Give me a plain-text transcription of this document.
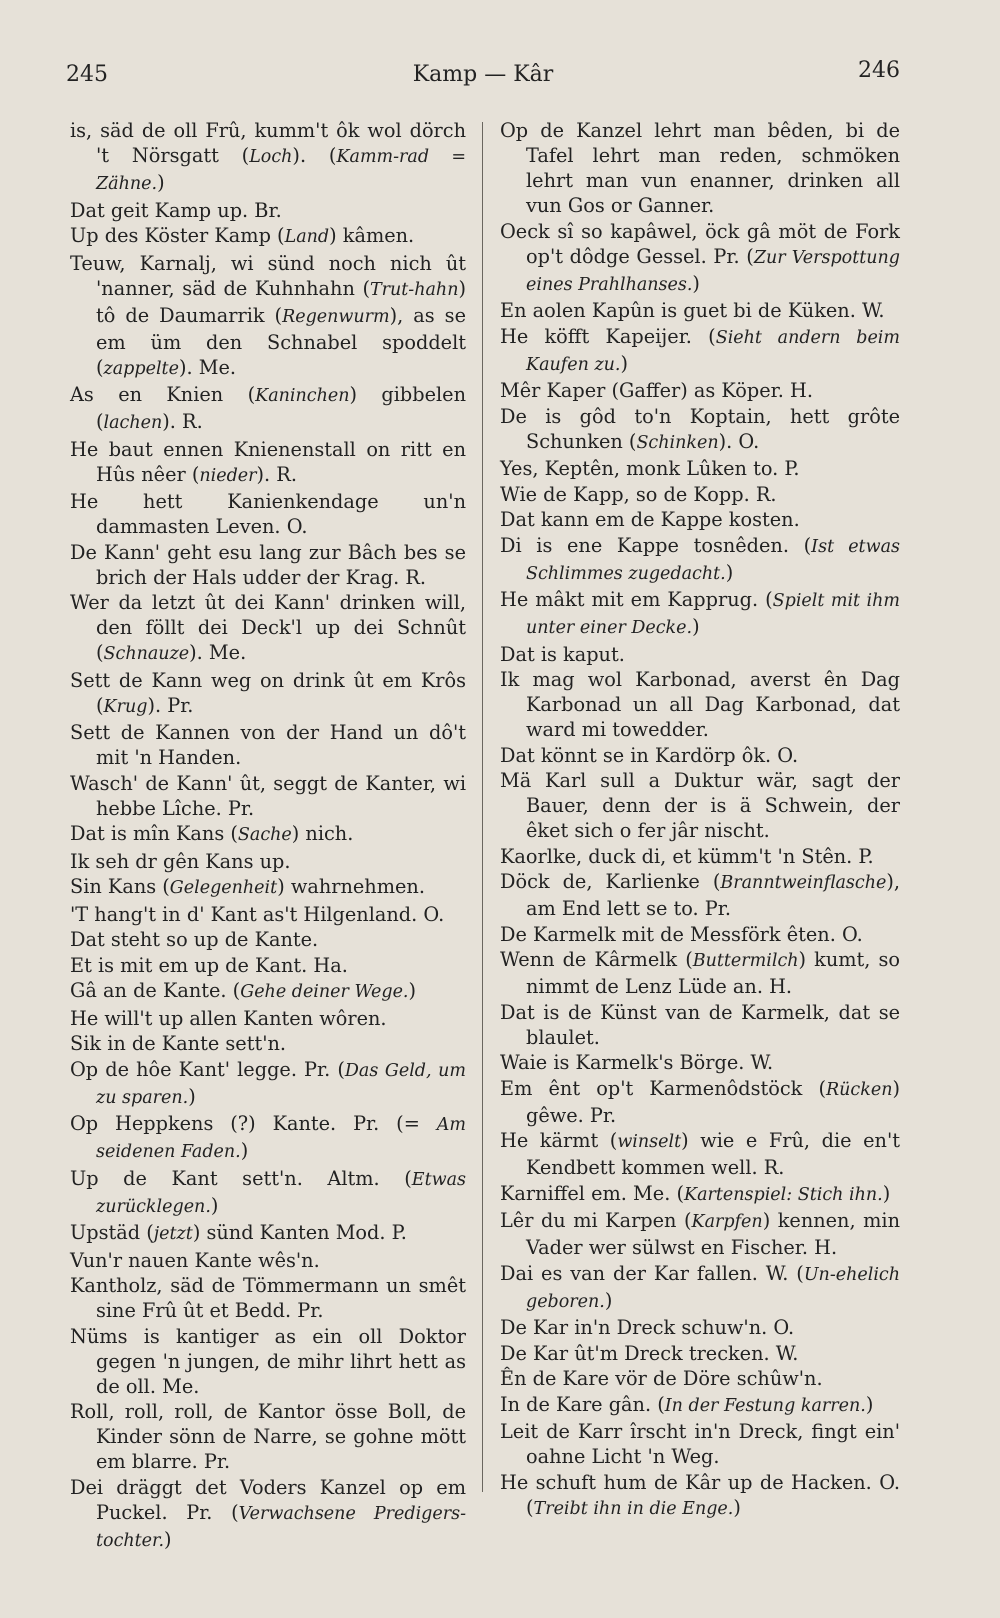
245	Kamp — Kâr	246

is, säd de oll Frû, kumm't ôk wol dörch 't Nörsgatt (Loch). (Kamm-rad = Zähne.)

Dat geit Kamp up. Br.

Up des Köster Kamp (Land) kâmen.

Teuw, Karnalj, wi sünd noch nich ût 'nanner, säd de Kuhnhahn (Trut-hahn) tô de Daumarrik (Regenwurm), as se em üm den Schnabel spoddelt (zappelte). Me.

As en Knien (Kaninchen) gibbelen (lachen). R.

He baut ennen Knienenstall on ritt en Hûs nêer (nieder). R.

He hett Kanienkendage un'n dammasten Leven. O.

De Kann' geht esu lang zur Bâch bes se brich der Hals udder der Krag. R.

Wer da letzt ût dei Kann' drinken will, den föllt dei Deck'l up dei Schnût (Schnauze). Me.

Sett de Kann weg on drink ût em Krôs (Krug). Pr.

Sett de Kannen von der Hand un dô't mit 'n Handen.

Wasch' de Kann' ût, seggt de Kanter, wi hebbe Lîche. Pr.

Dat is mîn Kans (Sache) nich.

Ik seh dr gên Kans up.

Sin Kans (Gelegenheit) wahrnehmen.

'T hang't in d' Kant as't Hilgenland. O.

Dat steht so up de Kante.

Et is mit em up de Kant. Ha.

Gâ an de Kante. (Gehe deiner Wege.)

He will't up allen Kanten wôren.

Sik in de Kante sett'n.

Op de hôe Kant' legge. Pr. (Das Geld, um zu sparen.)

Op Heppkens (?) Kante. Pr. (= Am seidenen Faden.)

Up de Kant sett'n. Altm. (Etwas zurücklegen.)

Upstäd (jetzt) sünd Kanten Mod. P.

Vun'r nauen Kante wês'n.

Kantholz, säd de Tömmermann un smêt sine Frû ût et Bedd. Pr.

Nüms is kantiger as ein oll Doktor gegen 'n jungen, de mihr lihrt hett as de oll. Me.

Roll, roll, roll, de Kantor össe Boll, de Kinder sönn de Narre, se gohne mött em blarre. Pr.

Dei dräggt det Voders Kanzel op em Puckel. Pr. (Verwachsene Predigers-tochter.)

Op de Kanzel lehrt man bêden, bi de Tafel lehrt man reden, schmöken lehrt man vun enanner, drinken all vun Gos or Ganner.

Oeck sî so kapâwel, öck gâ möt de Fork op't dôdge Gessel. Pr. (Zur Verspottung eines Prahlhanses.)

En aolen Kapûn is guet bi de Küken. W.

He köfft Kapeijer. (Sieht andern beim Kaufen zu.)

Mêr Kaper (Gaffer) as Köper. H.

De is gôd to'n Koptain, hett grôte Schunken (Schinken). O.

Yes, Keptên, monk Lûken to. P.

Wie de Kapp, so de Kopp. R.

Dat kann em de Kappe kosten.

Di is ene Kappe tosnêden. (Ist etwas Schlimmes zugedacht.)

He mâkt mit em Kapprug. (Spielt mit ihm unter einer Decke.)

Dat is kaput.

Ik mag wol Karbonad, averst ên Dag Karbonad un all Dag Karbonad, dat ward mi towedder.

Dat könnt se in Kardörp ôk. O.

Mä Karl sull a Duktur wär, sagt der Bauer, denn der is ä Schwein, der êket sich o fer jâr nischt.

Kaorlke, duck di, et kümm't 'n Stên. P.

Döck de, Karlienke (Branntweinflasche), am End lett se to. Pr.

De Karmelk mit de Messförk êten. O.

Wenn de Kârmelk (Buttermilch) kumt, so nimmt de Lenz Lüde an. H.

Dat is de Künst van de Karmelk, dat se blaulet.

Waie is Karmelk's Börge. W.

Em ênt op't Karmenôdstöck (Rücken) gêwe. Pr.

He kärmt (winselt) wie e Frû, die en't Kendbett kommen well. R.

Karniffel em. Me. (Kartenspiel: Stich ihn.)

Lêr du mi Karpen (Karpfen) kennen, min Vader wer sülwst en Fischer. H.

Dai es van der Kar fallen. W. (Un-ehelich geboren.)

De Kar in'n Dreck schuw'n. O.

De Kar ût'm Dreck trecken. W.

Ên de Kare vör de Döre schûw'n.

In de Kare gân. (In der Festung karren.)

Leit de Karr îrscht in'n Dreck, fingt ein' oahne Licht 'n Weg.

He schuft hum de Kâr up de Hacken. O. (Treibt ihn in die Enge.)
